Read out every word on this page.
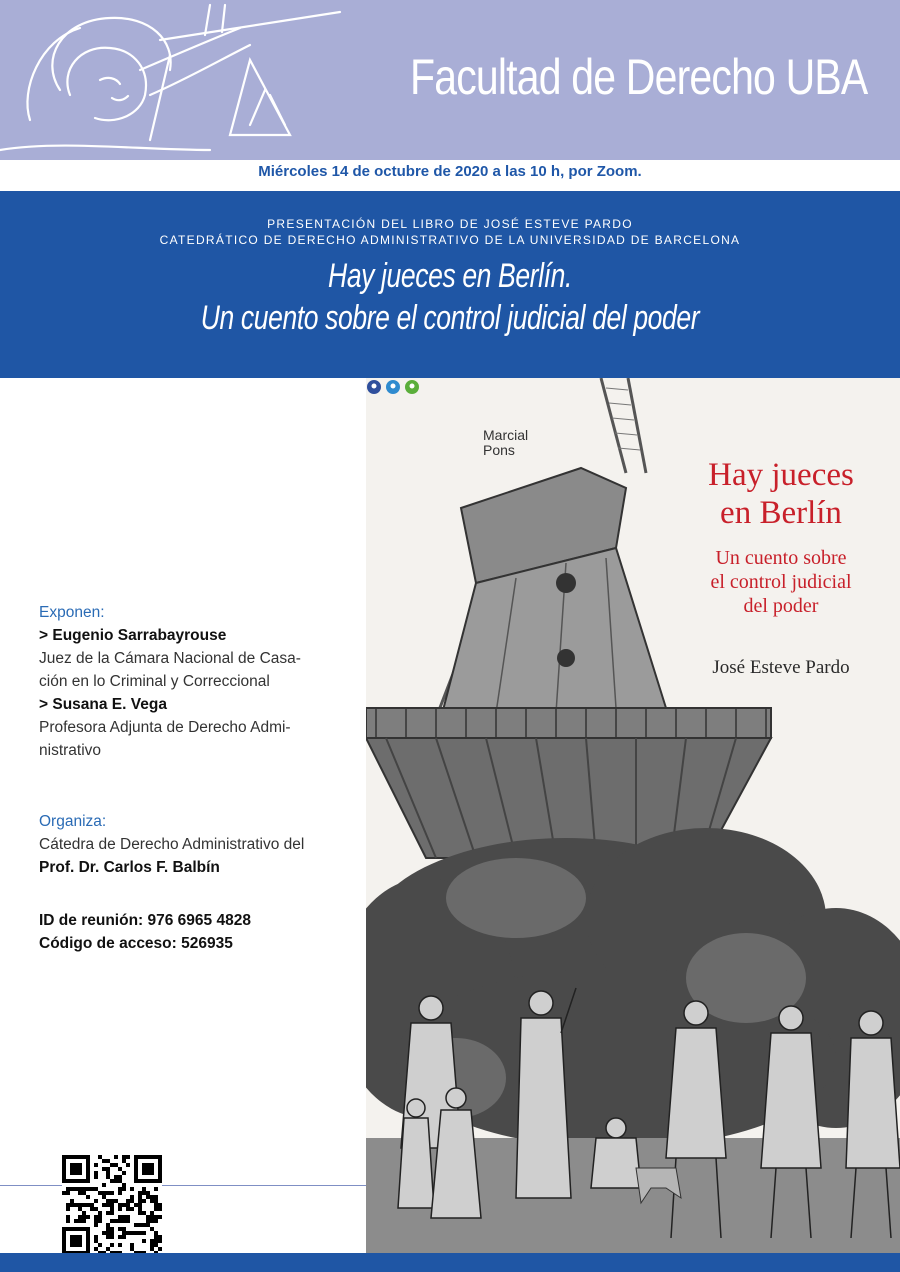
Facultad de Derecho UBA
Miércoles 14 de octubre de 2020 a las 10 h, por Zoom.
PRESENTACIÓN DEL LIBRO DE JOSÉ ESTEVE PARDO
CATEDRÁTICO DE DERECHO ADMINISTRATIVO DE LA UNIVERSIDAD DE BARCELONA
Hay jueces en Berlín.
Un cuento sobre el control judicial del poder
Exponen:
> Eugenio Sarrabayrouse
Juez de la Cámara Nacional de Casa-
ción en lo Criminal y Correccional
> Susana E. Vega
Profesora Adjunta de Derecho Admi-
nistrativo
Organiza:
Cátedra de Derecho Administrativo del
Prof. Dr. Carlos F. Balbín
ID de reunión: 976 6965 4828
Código de acceso: 526935
Marcial
Pons
Hay jueces
en Berlín
Un cuento sobre
el control judicial
del poder
José Esteve Pardo
